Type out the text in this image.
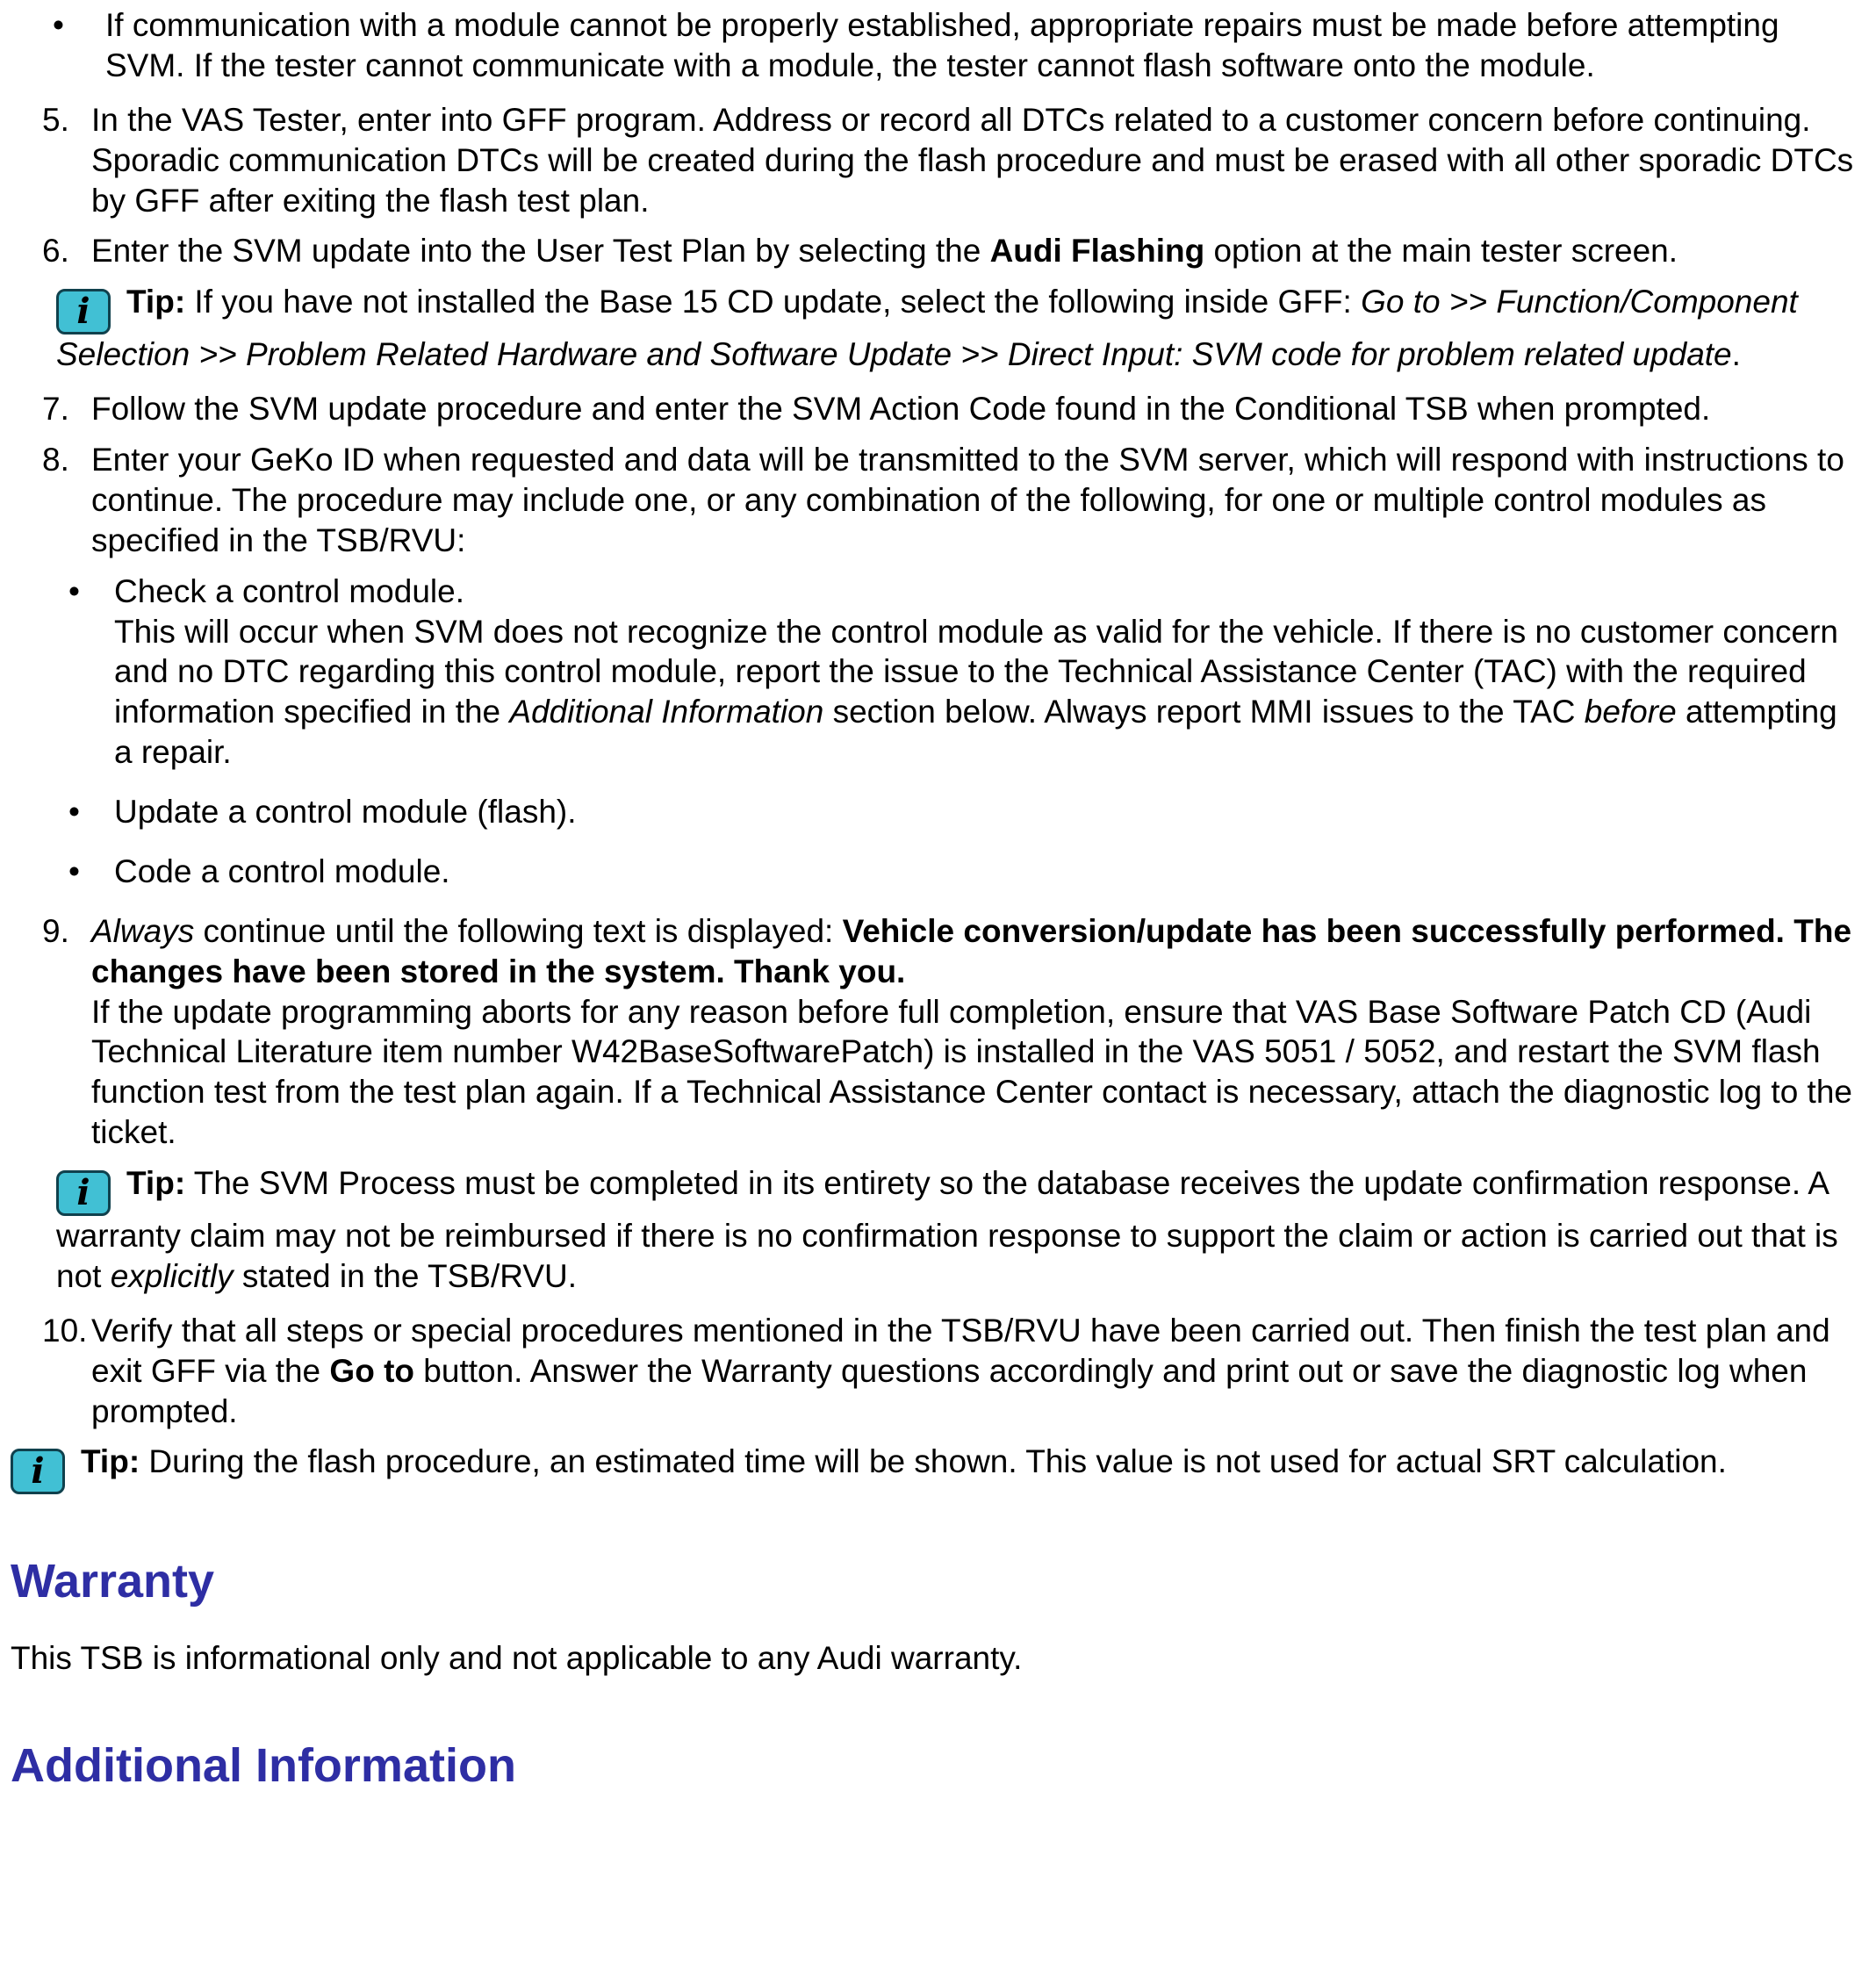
•	If communication with a module cannot be properly established, appropriate repairs must be made before attempting SVM. If the tester cannot communicate with a module, the tester cannot flash software onto the module.
5. In the VAS Tester, enter into GFF program. Address or record all DTCs related to a customer concern before continuing. Sporadic communication DTCs will be created during the flash procedure and must be erased with all other sporadic DTCs by GFF after exiting the flash test plan.
6. Enter the SVM update into the User Test Plan by selecting the Audi Flashing option at the main tester screen.
i Tip: If you have not installed the Base 15 CD update, select the following inside GFF: Go to >> Function/Component Selection >> Problem Related Hardware and Software Update >> Direct Input: SVM code for problem related update.
7. Follow the SVM update procedure and enter the SVM Action Code found in the Conditional TSB when prompted.
8. Enter your GeKo ID when requested and data will be transmitted to the SVM server, which will respond with instructions to continue. The procedure may include one, or any combination of the following, for one or multiple control modules as specified in the TSB/RVU:
•	Check a control module.
This will occur when SVM does not recognize the control module as valid for the vehicle. If there is no customer concern and no DTC regarding this control module, report the issue to the Technical Assistance Center (TAC) with the required information specified in the Additional Information section below. Always report MMI issues to the TAC before attempting a repair.
•	Update a control module (flash).
•	Code a control module.
9. Always continue until the following text is displayed: Vehicle conversion/update has been successfully performed. The changes have been stored in the system. Thank you.
If the update programming aborts for any reason before full completion, ensure that VAS Base Software Patch CD (Audi Technical Literature item number W42BaseSoftwarePatch) is installed in the VAS 5051 / 5052, and restart the SVM flash function test from the test plan again. If a Technical Assistance Center contact is necessary, attach the diagnostic log to the ticket.
i Tip: The SVM Process must be completed in its entirety so the database receives the update confirmation response. A warranty claim may not be reimbursed if there is no confirmation response to support the claim or action is carried out that is not explicitly stated in the TSB/RVU.
10. Verify that all steps or special procedures mentioned in the TSB/RVU have been carried out. Then finish the test plan and exit GFF via the Go to button. Answer the Warranty questions accordingly and print out or save the diagnostic log when prompted.
i Tip: During the flash procedure, an estimated time will be shown. This value is not used for actual SRT calculation.
Warranty

This TSB is informational only and not applicable to any Audi warranty.

Additional Information
